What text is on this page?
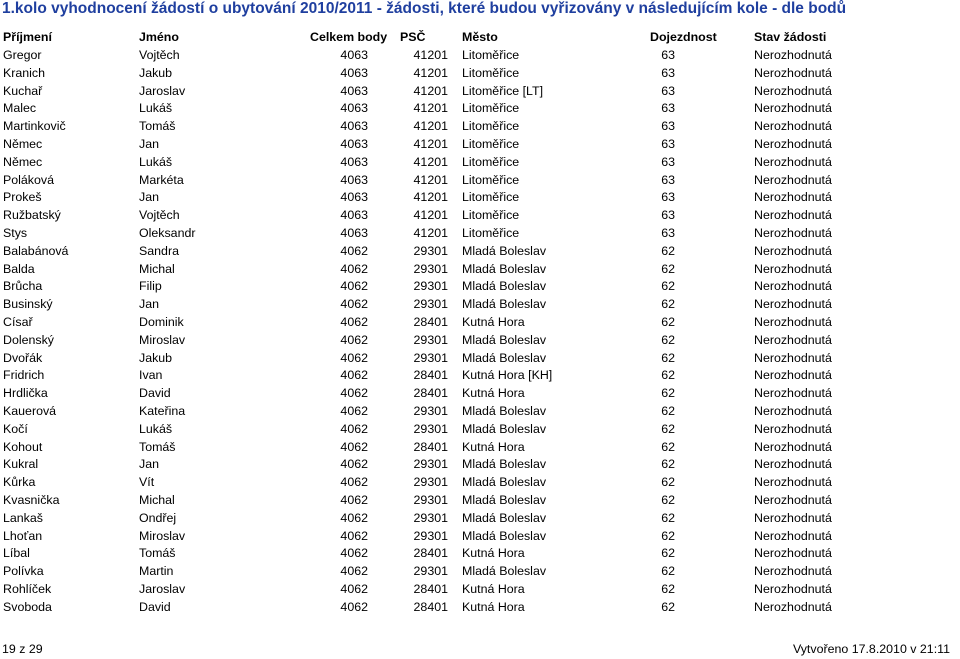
1.kolo vyhodnocení žádostí o ubytování 2010/2011 - žádosti, které budou vyřizovány v následujícím kole - dle bodů
Příjmení	Jméno	Celkem body PSČ	Město	Dojezdnost	Stav žádosti
Gregor	Vojtěch	4063	41201 Litoměřice	63	Nerozhodnutá
Kranich	Jakub	4063	41201 Litoměřice	63	Nerozhodnutá
Kuchař	Jaroslav	4063	41201 Litoměřice [LT]	63	Nerozhodnutá
Malec	Lukáš	4063	41201 Litoměřice	63	Nerozhodnutá
Martinkovič	Tomáš	4063	41201 Litoměřice	63	Nerozhodnutá
Němec	Jan	4063	41201 Litoměřice	63	Nerozhodnutá
Němec	Lukáš	4063	41201 Litoměřice	63	Nerozhodnutá
Poláková	Markéta	4063	41201 Litoměřice	63	Nerozhodnutá
Prokeš	Jan	4063	41201 Litoměřice	63	Nerozhodnutá
Ružbatský	Vojtěch	4063	41201 Litoměřice	63	Nerozhodnutá
Stys	Oleksandr	4063	41201 Litoměřice	63	Nerozhodnutá
Balabánová	Sandra	4062	29301 Mladá Boleslav	62	Nerozhodnutá
Balda	Michal	4062	29301 Mladá Boleslav	62	Nerozhodnutá
Brůcha	Filip	4062	29301 Mladá Boleslav	62	Nerozhodnutá
Businský	Jan	4062	29301 Mladá Boleslav	62	Nerozhodnutá
Císař	Dominik	4062	28401 Kutná Hora	62	Nerozhodnutá
Dolenský	Miroslav	4062	29301 Mladá Boleslav	62	Nerozhodnutá
Dvořák	Jakub	4062	29301 Mladá Boleslav	62	Nerozhodnutá
Fridrich	Ivan	4062	28401 Kutná Hora [KH]	62	Nerozhodnutá
Hrdlička	David	4062	28401 Kutná Hora	62	Nerozhodnutá
Kauerová	Kateřina	4062	29301 Mladá Boleslav	62	Nerozhodnutá
Kočí	Lukáš	4062	29301 Mladá Boleslav	62	Nerozhodnutá
Kohout	Tomáš	4062	28401 Kutná Hora	62	Nerozhodnutá
Kukral	Jan	4062	29301 Mladá Boleslav	62	Nerozhodnutá
Kůrka	Vít	4062	29301 Mladá Boleslav	62	Nerozhodnutá
Kvasnička	Michal	4062	29301 Mladá Boleslav	62	Nerozhodnutá
Lankaš	Ondřej	4062	29301 Mladá Boleslav	62	Nerozhodnutá
Lhoťan	Miroslav	4062	29301 Mladá Boleslav	62	Nerozhodnutá
Líbal	Tomáš	4062	28401 Kutná Hora	62	Nerozhodnutá
Polívka	Martin	4062	29301 Mladá Boleslav	62	Nerozhodnutá
Rohlíček	Jaroslav	4062	28401 Kutná Hora	62	Nerozhodnutá
Svoboda	David	4062	28401 Kutná Hora	62	Nerozhodnutá
19 z 29	Vytvořeno 17.8.2010 v 21:11
